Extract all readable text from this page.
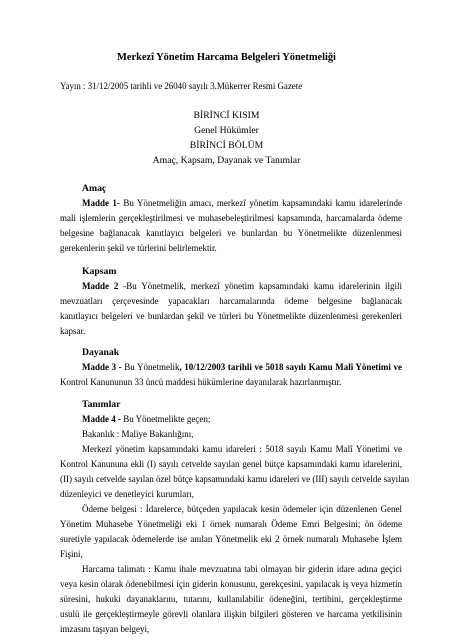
Merkezî Yönetim Harcama Belgeleri Yönetmeliği
Yayın : 31/12/2005 tarihli ve 26040 sayılı 3.Mükerrer Resmi Gazete
BİRİNCİ KISIM
Genel Hükümler
BİRİNCİ BÖLÜM
Amaç, Kapsam, Dayanak ve Tanımlar
Amaç
Madde 1- Bu Yönetmeliğin amacı, merkezî yönetim kapsamındaki kamu idarelerinde
mali işlemlerin gerçekleştirilmesi ve muhasebeleştirilmesi kapsamında, harcamalarda ödeme
belgesine bağlanacak kanıtlayıcı belgeleri ve bunlardan bu Yönetmelikte düzenlenmesi
gerekenlerin şekil ve türlerini belirlemektir.
Kapsam
Madde 2 -Bu Yönetmelik, merkezî yönetim kapsamındaki kamu idarelerinin ilgili
mevzuatları çerçevesinde yapacakları harcamalarında ödeme belgesine bağlanacak
kanıtlayıcı belgeleri ve bunlardan şekil ve türleri bu Yönetmelikte düzenlenmesi gerekenleri
kapsar.
Dayanak
Madde 3 - Bu Yönetmelik, 10/12/2003 tarihli ve 5018 sayılı Kamu Malî Yönetimi ve
Kontrol Kanununun 33 üncü maddesi hükümlerine dayanılarak hazırlanmıştır.
Tanımlar
Madde 4 - Bu Yönetmelikte geçen;
Bakanlık : Maliye Bakanlığını,
Merkezî yönetim kapsamındaki kamu idareleri : 5018 sayılı Kamu Malî Yönetimi ve
Kontrol Kanununa ekli (I) sayılı cetvelde sayılan genel bütçe kapsamındaki kamu idarelerini,
(II) sayılı cetvelde sayılan özel bütçe kapsamındaki kamu idareleri ve (III) sayılı cetvelde sayılan
düzenleyici ve denetleyici kurumları,
Ödeme belgesi : İdarelerce, bütçeden yapılacak kesin ödemeler için düzenlenen Genel
Yönetim Muhasebe Yönetmeliği eki 1 örnek numaralı Ödeme Emri Belgesini; ön ödeme
suretiyle yapılacak ödemelerde ise anılan Yönetmelik eki 2 örnek numaralı Muhasebe İşlem
Fişini,
Harcama talimatı : Kamu ihale mevzuatına tabi olmayan bir giderin idare adına geçici
veya kesin olarak ödenebilmesi için giderin konusunu, gerekçesini, yapılacak iş veya hizmetin
süresini, hukuki dayanaklarını, tutarını, kullanılabilir ödeneğini, tertibini, gerçekleştirme
usulü ile gerçekleştirmeyle görevli olanlara ilişkin bilgileri gösteren ve harcama yetkilisinin
imzasını taşıyan belgeyi,
